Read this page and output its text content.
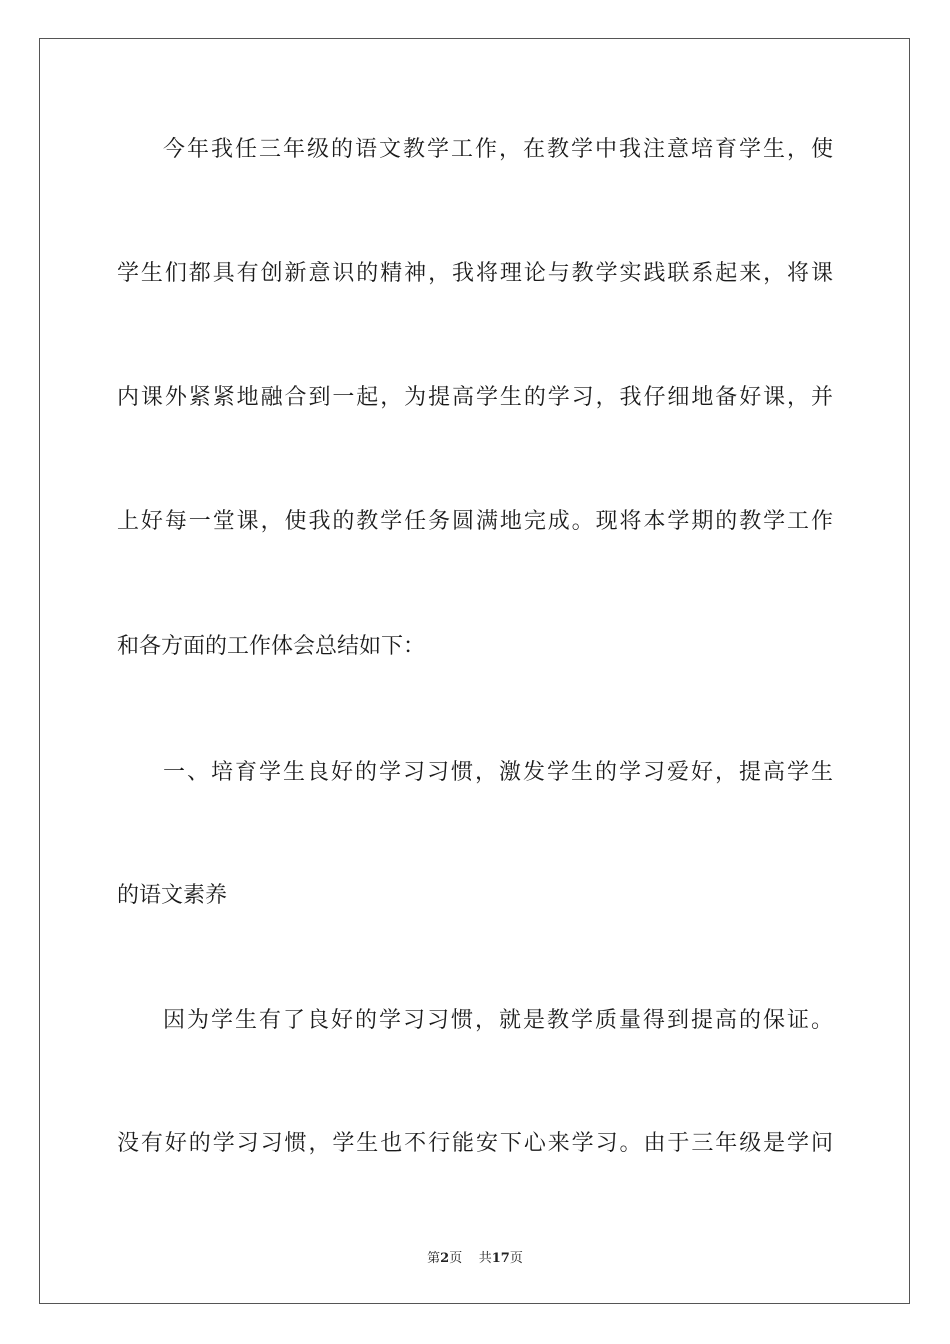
今年我任三年级的语文教学工作，在教学中我注意培育学生，使
学生们都具有创新意识的精神，我将理论与教学实践联系起来，将课
内课外紧紧地融合到一起，为提高学生的学习，我仔细地备好课，并
上好每一堂课，使我的教学任务圆满地完成。现将本学期的教学工作
和各方面的工作体会总结如下：
一、培育学生良好的学习习惯，激发学生的学习爱好，提高学生
的语文素养
因为学生有了良好的学习习惯，就是教学质量得到提高的保证。
没有好的学习习惯，学生也不行能安下心来学习。由于三年级是学问
第2页 共17页
